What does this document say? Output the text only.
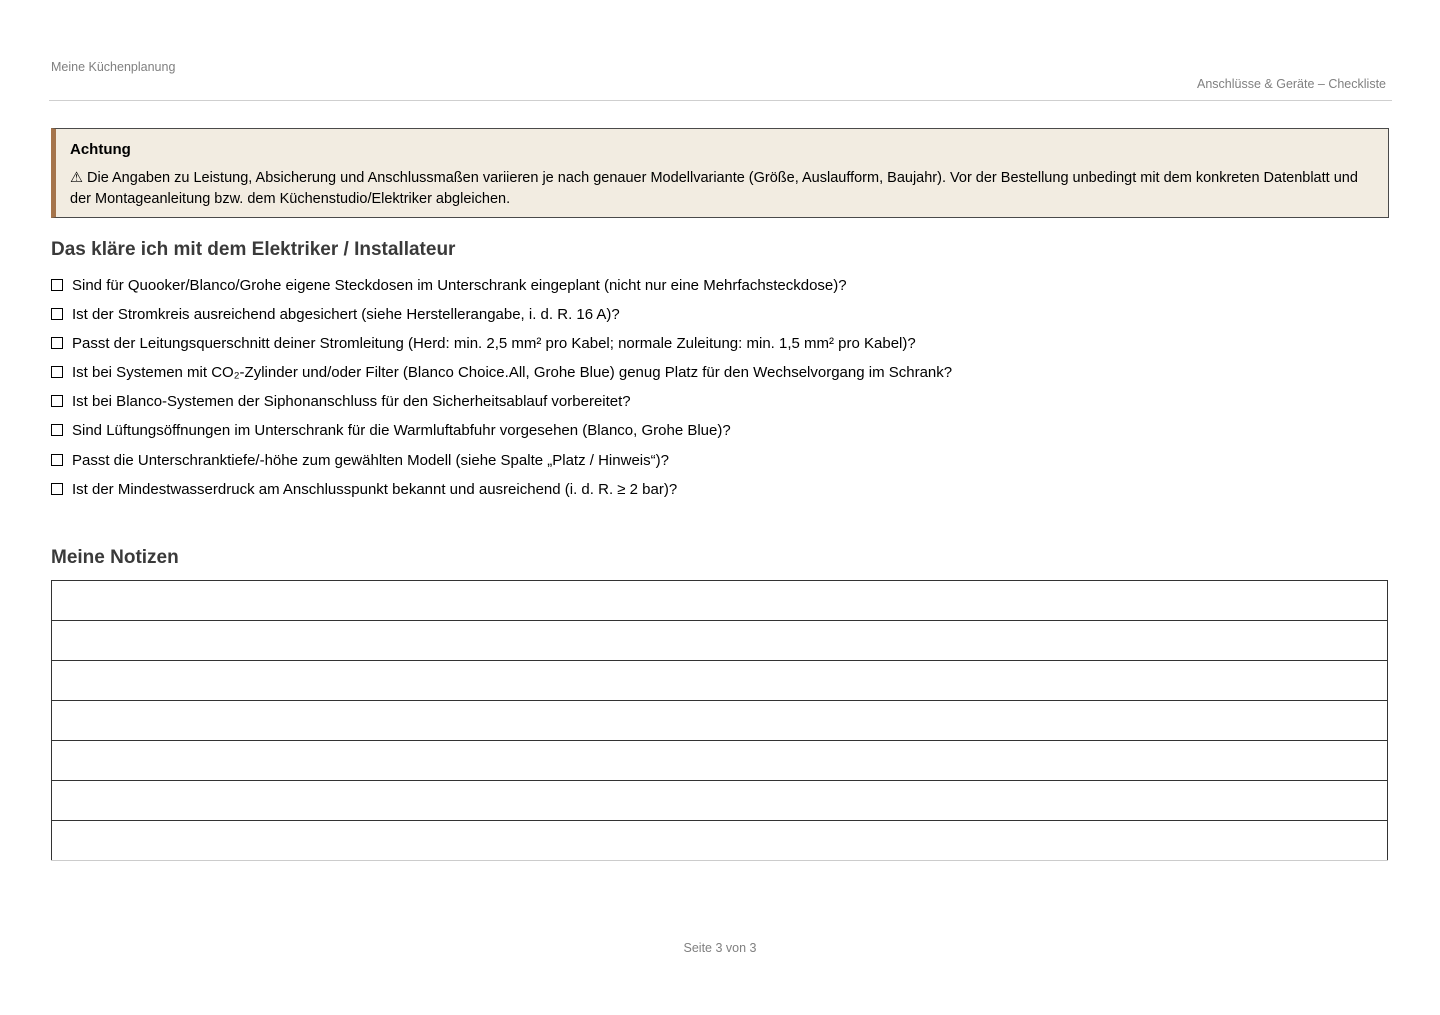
Meine Küchenplanung
Anschlüsse & Geräte – Checkliste
Achtung
⚠ Die Angaben zu Leistung, Absicherung und Anschlussmaßen variieren je nach genauer Modellvariante (Größe, Auslaufform, Baujahr). Vor der Bestellung unbedingt mit dem konkreten Datenblatt und der Montageanleitung bzw. dem Küchenstudio/Elektriker abgleichen.
Das kläre ich mit dem Elektriker / Installateur
Sind für Quooker/Blanco/Grohe eigene Steckdosen im Unterschrank eingeplant (nicht nur eine Mehrfachsteckdose)?
Ist der Stromkreis ausreichend abgesichert (siehe Herstellerangabe, i. d. R. 16 A)?
Passt der Leitungsquerschnitt deiner Stromleitung (Herd: min. 2,5 mm² pro Kabel; normale Zuleitung: min. 1,5 mm² pro Kabel)?
Ist bei Systemen mit CO₂-Zylinder und/oder Filter (Blanco Choice.All, Grohe Blue) genug Platz für den Wechselvorgang im Schrank?
Ist bei Blanco-Systemen der Siphonanschluss für den Sicherheitsablauf vorbereitet?
Sind Lüftungsöffnungen im Unterschrank für die Warmluftabfuhr vorgesehen (Blanco, Grohe Blue)?
Passt die Unterschranktiefe/-höhe zum gewählten Modell (siehe Spalte „Platz / Hinweis“)?
Ist der Mindestwasserdruck am Anschlusspunkt bekannt und ausreichend (i. d. R. ≥ 2 bar)?
Meine Notizen

Seite 3 von 3
